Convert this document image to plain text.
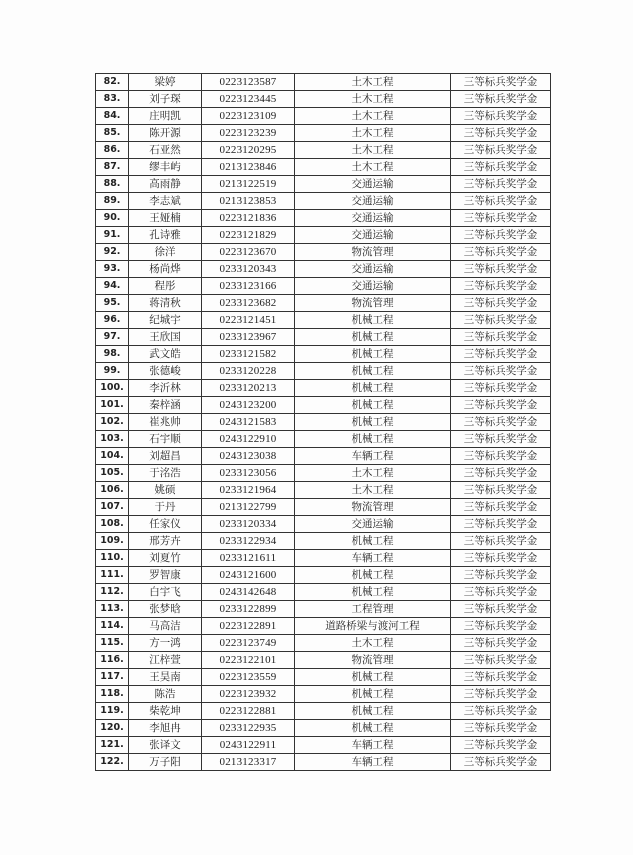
82.	梁婷	0223123587	土木工程	三等标兵奖学金
83.	刘子琛	0223123445	土木工程	三等标兵奖学金
84.	庄明凯	0223123109	土木工程	三等标兵奖学金
85.	陈开源	0223123239	土木工程	三等标兵奖学金
86.	石亚然	0223120295	土木工程	三等标兵奖学金
87.	缪丰屿	0213123846	土木工程	三等标兵奖学金
88.	高雨静	0213122519	交通运输	三等标兵奖学金
89.	李志斌	0213123853	交通运输	三等标兵奖学金
90.	王娅楠	0223121836	交通运输	三等标兵奖学金
91.	孔诗雅	0223121829	交通运输	三等标兵奖学金
92.	徐洋	0223123670	物流管理	三等标兵奖学金
93.	杨尚烨	0233120343	交通运输	三等标兵奖学金
94.	程彤	0233123166	交通运输	三等标兵奖学金
95.	蒋清秋	0233123682	物流管理	三等标兵奖学金
96.	纪城宇	0223121451	机械工程	三等标兵奖学金
97.	王欣国	0233123967	机械工程	三等标兵奖学金
98.	武文皓	0233121582	机械工程	三等标兵奖学金
99.	张德峻	0233120228	机械工程	三等标兵奖学金
100.	李沂林	0233120213	机械工程	三等标兵奖学金
101.	秦梓涵	0243123200	机械工程	三等标兵奖学金
102.	崔兆帅	0243121583	机械工程	三等标兵奖学金
103.	石宇顺	0243122910	机械工程	三等标兵奖学金
104.	刘超昌	0243123038	车辆工程	三等标兵奖学金
105.	于洺浩	0233123056	土木工程	三等标兵奖学金
106.	姚硕	0233121964	土木工程	三等标兵奖学金
107.	于丹	0213122799	物流管理	三等标兵奖学金
108.	任家仪	0233120334	交通运输	三等标兵奖学金
109.	邢芳卉	0233122934	机械工程	三等标兵奖学金
110.	刘夏竹	0233121611	车辆工程	三等标兵奖学金
111.	罗智康	0243121600	机械工程	三等标兵奖学金
112.	白宇飞	0243142648	机械工程	三等标兵奖学金
113.	张梦晗	0233122899	工程管理	三等标兵奖学金
114.	马高洁	0223122891	道路桥梁与渡河工程	三等标兵奖学金
115.	方一鸿	0223123749	土木工程	三等标兵奖学金
116.	江梓萱	0223122101	物流管理	三等标兵奖学金
117.	王昊南	0223123559	机械工程	三等标兵奖学金
118.	陈浩	0223123932	机械工程	三等标兵奖学金
119.	柴乾坤	0223122881	机械工程	三等标兵奖学金
120.	李旭冉	0233122935	机械工程	三等标兵奖学金
121.	张译文	0243122911	车辆工程	三等标兵奖学金
122.	万子阳	0213123317	车辆工程	三等标兵奖学金
